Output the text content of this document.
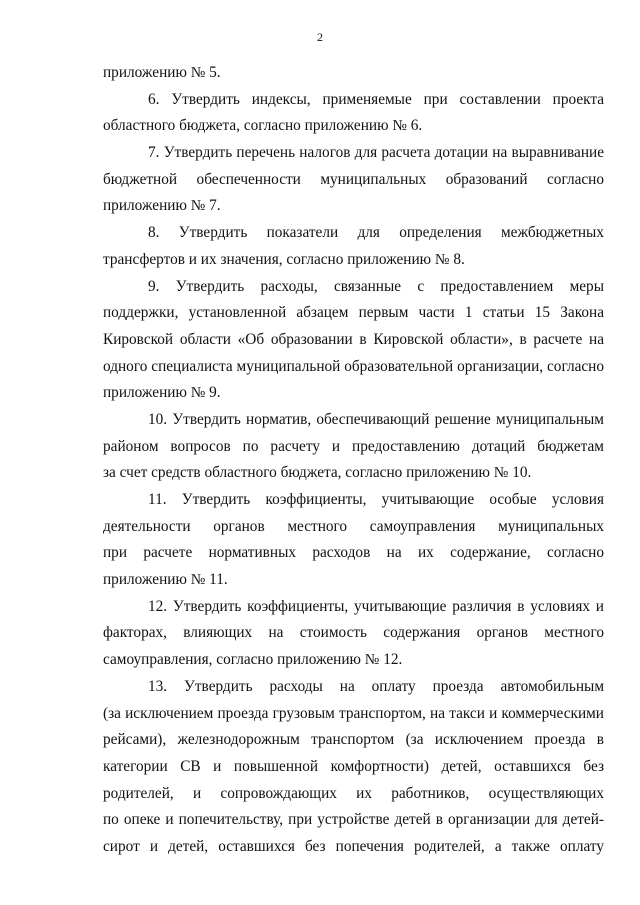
2

приложению № 5.

6. Утвердить индексы, применяемые при составлении проекта
областного бюджета, согласно приложению № 6.

7. Утвердить перечень налогов для расчета дотации на выравнивание
бюджетной обеспеченности муниципальных образований согласно
приложению № 7.

8. Утвердить показатели для определения межбюджетных
трансфертов и их значения, согласно приложению № 8.

9. Утвердить расходы, связанные с предоставлением меры
поддержки, установленной абзацем первым части 1 статьи 15 Закона
Кировской области «Об образовании в Кировской области», в расчете на
одного специалиста муниципальной образовательной организации, согласно
приложению № 9.

10. Утвердить норматив, обеспечивающий решение муниципальным
районом вопросов по расчету и предоставлению дотаций бюджетам
за счет средств областного бюджета, согласно приложению № 10.

11. Утвердить коэффициенты, учитывающие особые условия
деятельности органов местного самоуправления муниципальных
при расчете нормативных расходов на их содержание, согласно
приложению № 11.

12. Утвердить коэффициенты, учитывающие различия в условиях и
факторах, влияющих на стоимость содержания органов местного
самоуправления, согласно приложению № 12.

13. Утвердить расходы на оплату проезда автомобильным
(за исключением проезда грузовым транспортом, на такси и коммерческими
рейсами), железнодорожным транспортом (за исключением проезда в
категории СВ и повышенной комфортности) детей, оставшихся без
родителей, и сопровождающих их работников, осуществляющих
по опеке и попечительству, при устройстве детей в организации для детей-
сирот и детей, оставшихся без попечения родителей, а также оплату
